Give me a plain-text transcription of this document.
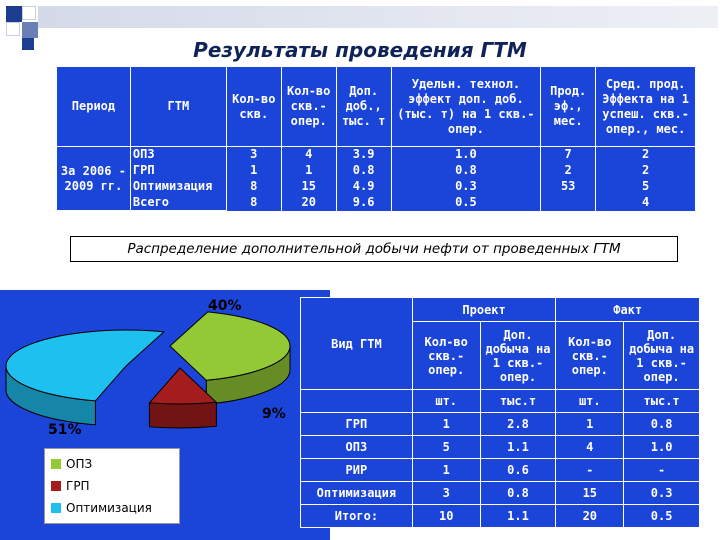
Результаты проведения ГТМ
Период	ГТМ	Кол-во скв.	Кол-во скв.-опер.	Доп. доб., тыс. т	Удельн. технол. эффект доп. доб. (тыс. т) на 1 скв.-опер.	Прод. эф., мес.	Сред. прод. Эффекта на 1 успеш. скв.-опер., мес.
За 2006 - 2009 гг.	ОПЗ	3	4	3.9	1.0	7	2
	ГРП	1	1	0.8	0.8	2	2
	Оптимизация	8	15	4.9	0.3	53	5
	Всего	8	20	9.6	0.5		4
Распределение дополнительной добычи нефти от проведенных ГТМ
40%
9%
51%
ОПЗ
ГРП
Оптимизация
Вид ГТМ	Проект		Факт	
	Кол-во скв.-опер.	Доп. добыча на 1 скв.-опер.	Кол-во скв.-опер.	Доп. добыча на 1 скв.-опер.
	шт.	тыс.т	шт.	тыс.т
ГРП	1	2.8	1	0.8
ОПЗ	5	1.1	4	1.0
РИР	1	0.6	-	-
Оптимизация	3	0.8	15	0.3
Итого:	10	1.1	20	0.5
